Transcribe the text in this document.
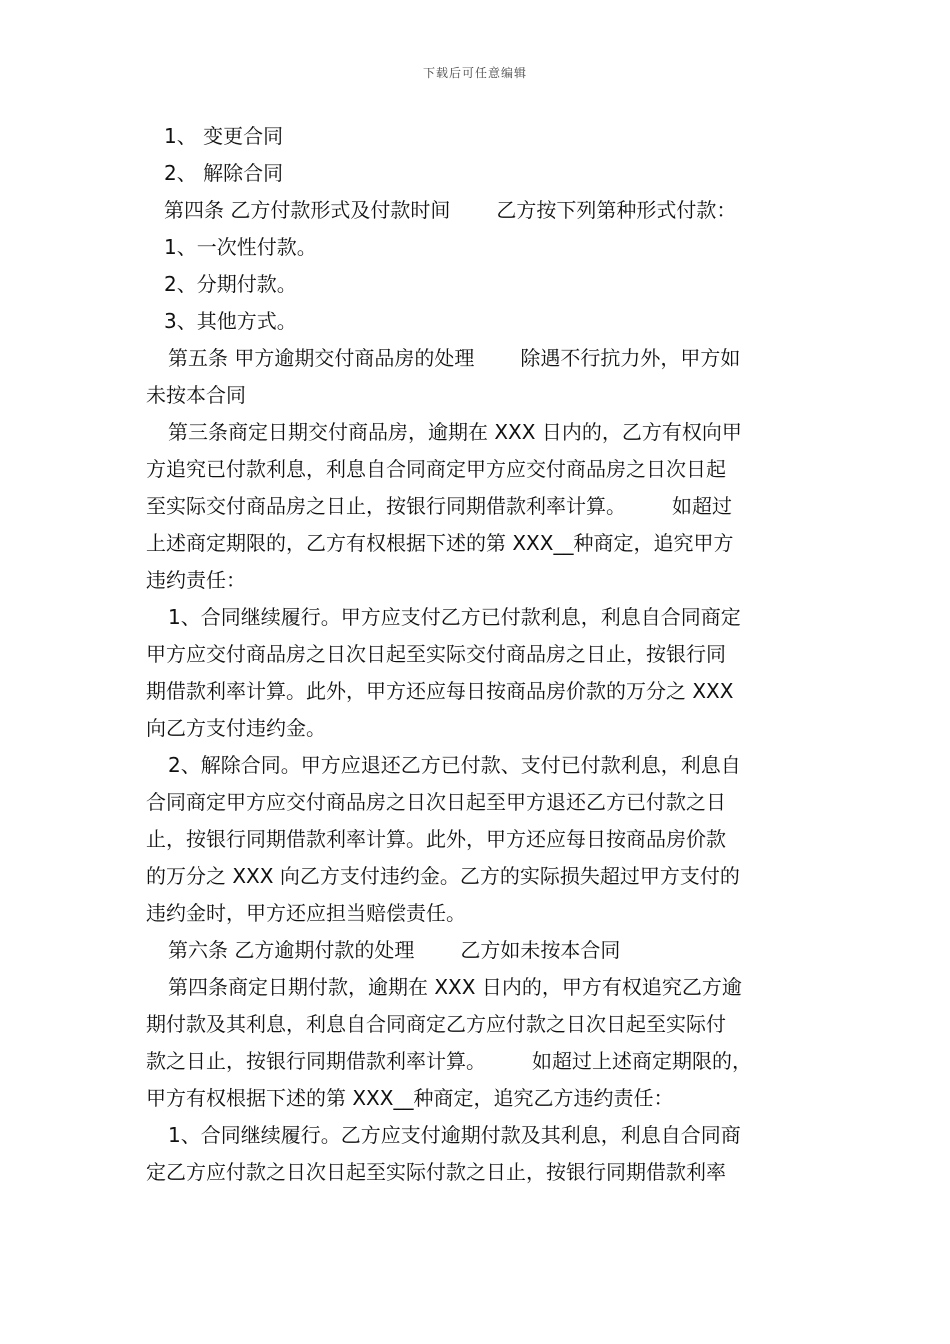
下载后可任意编辑
1、 变更合同
2、 解除合同
第四条 乙方付款形式及付款时间 乙方按下列第种形式付款：
1、一次性付款。
2、分期付款。
3、其他方式。
第五条 甲方逾期交付商品房的处理 除遇不行抗力外，甲方如
未按本合同
第三条商定日期交付商品房，逾期在 XXX 日内的，乙方有权向甲
方追究已付款利息，利息自合同商定甲方应交付商品房之日次日起
至实际交付商品房之日止，按银行同期借款利率计算。 如超过
上述商定期限的，乙方有权根据下述的第 XXX__种商定，追究甲方
违约责任：
1、合同继续履行。甲方应支付乙方已付款利息，利息自合同商定
甲方应交付商品房之日次日起至实际交付商品房之日止，按银行同
期借款利率计算。此外，甲方还应每日按商品房价款的万分之 XXX
向乙方支付违约金。
2、解除合同。甲方应退还乙方已付款、支付已付款利息，利息自
合同商定甲方应交付商品房之日次日起至甲方退还乙方已付款之日
止，按银行同期借款利率计算。此外，甲方还应每日按商品房价款
的万分之 XXX 向乙方支付违约金。乙方的实际损失超过甲方支付的
违约金时，甲方还应担当赔偿责任。
第六条 乙方逾期付款的处理 乙方如未按本合同
第四条商定日期付款，逾期在 XXX 日内的，甲方有权追究乙方逾
期付款及其利息，利息自合同商定乙方应付款之日次日起至实际付
款之日止，按银行同期借款利率计算。 如超过上述商定期限的，
甲方有权根据下述的第 XXX__种商定，追究乙方违约责任：
1、合同继续履行。乙方应支付逾期付款及其利息，利息自合同商
定乙方应付款之日次日起至实际付款之日止，按银行同期借款利率
